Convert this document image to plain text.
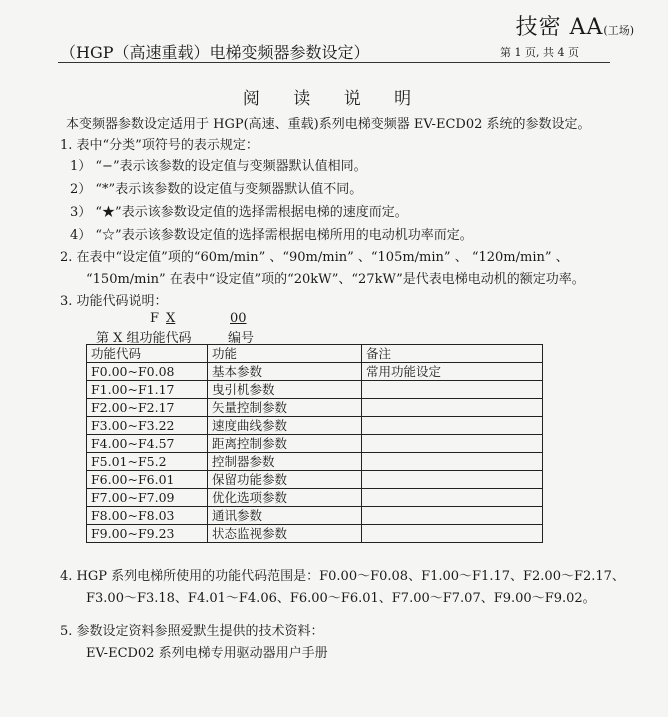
技密 AA(工场)
（HGP（高速重载）电梯变频器参数设定）	第 1 页, 共 4 页
阅 读 说 明
本变频器参数设定适用于 HGP(高速、重载)系列电梯变频器 EV-ECD02 系统的参数设定。
1. 表中“分类”项符号的表示规定：
1） “−”表示该参数的设定值与变频器默认值相同。
2） “*”表示该参数的设定值与变频器默认值不同。
3） “★”表示该参数设定值的选择需根据电梯的速度而定。
4） “☆”表示该参数设定值的选择需根据电梯所用的电动机功率而定。
2. 在表中“设定值”项的“60m/min” 、“90m/min” 、“105m/min” 、 “120m/min” 、
“150m/min” 在表中“设定值”项的“20kW”、“27kW”是代表电梯电动机的额定功率。
3. 功能代码说明：
F X	00
第 X 组功能代码	编号
功能代码	功能	备注
F0.00~F0.08	基本参数	常用功能设定
F1.00~F1.17	曳引机参数	
F2.00~F2.17	矢量控制参数	
F3.00~F3.22	速度曲线参数	
F4.00~F4.57	距离控制参数	
F5.01~F5.2	控制器参数	
F6.00~F6.01	保留功能参数	
F7.00~F7.09	优化选项参数	
F8.00~F8.03	通讯参数	
F9.00~F9.23	状态监视参数	
4. HGP 系列电梯所使用的功能代码范围是：F0.00～F0.08、F1.00～F1.17、F2.00～F2.17、
F3.00～F3.18、F4.01～F4.06、F6.00～F6.01、F7.00～F7.07、F9.00～F9.02。
5. 参数设定资料参照爱默生提供的技术资料：
EV-ECD02 系列电梯专用驱动器用户手册
